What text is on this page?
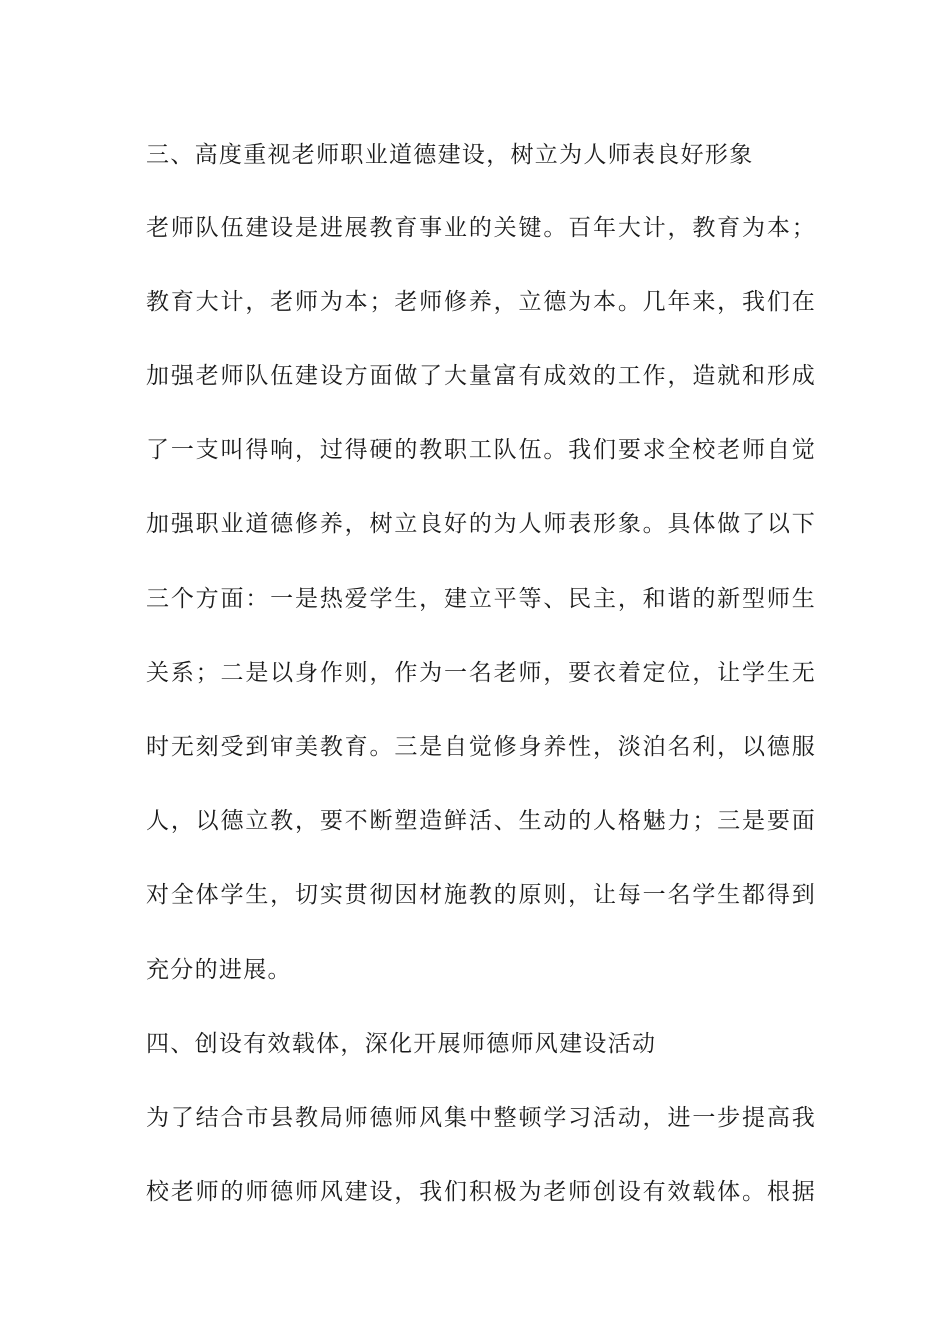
三、高度重视老师职业道德建设，树立为人师表良好形象
老师队伍建设是进展教育事业的关键。百年大计，教育为本；
教育大计，老师为本；老师修养，立德为本。几年来，我们在
加强老师队伍建设方面做了大量富有成效的工作，造就和形成
了一支叫得响，过得硬的教职工队伍。我们要求全校老师自觉
加强职业道德修养，树立良好的为人师表形象。具体做了以下
三个方面：一是热爱学生，建立平等、民主，和谐的新型师生
关系；二是以身作则，作为一名老师，要衣着定位，让学生无
时无刻受到审美教育。三是自觉修身养性，淡泊名利，以德服
人，以德立教，要不断塑造鲜活、生动的人格魅力；三是要面
对全体学生，切实贯彻因材施教的原则，让每一名学生都得到
充分的进展。
四、创设有效载体，深化开展师德师风建设活动
为了结合市县教局师德师风集中整顿学习活动，进一步提高我
校老师的师德师风建设，我们积极为老师创设有效载体。根据
